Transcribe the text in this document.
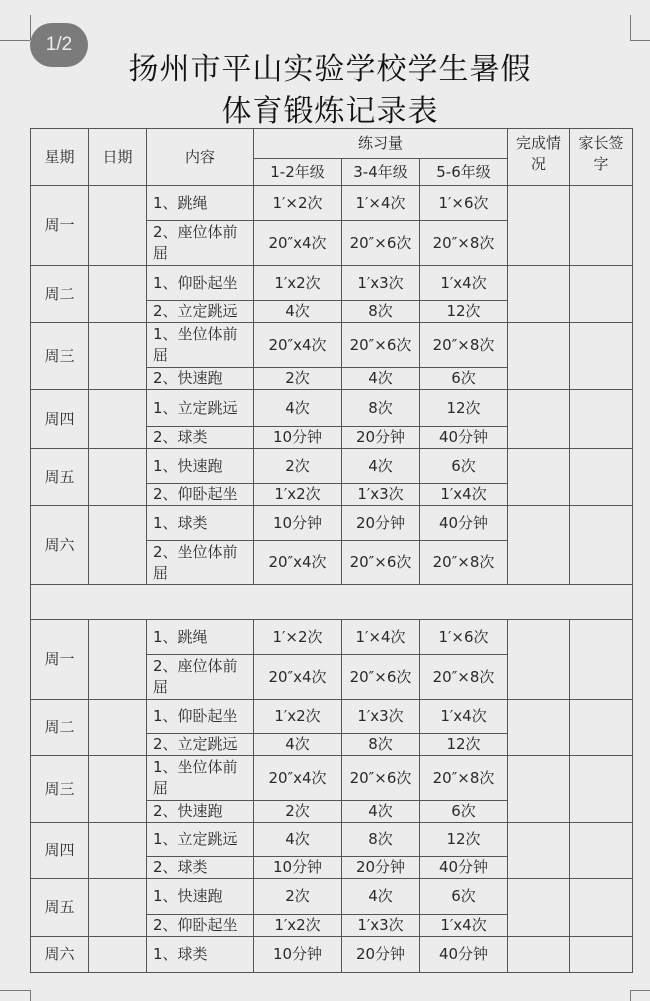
1/2
扬州市平山实验学校学生暑假
体育锻炼记录表
星期	日期	内容	练习量			完成情况	家长签字
			1-2年级	3-4年级	5-6年级		
周一		1、跳绳	1′×2次	1′×4次	1′×6次		
		2、座位体前屈	20″x4次	20″×6次	20″×8次		
周二		1、仰卧起坐	1′x2次	1′x3次	1′x4次		
		2、立定跳远	4次	8次	12次		
周三		1、坐位体前屈	20″x4次	20″×6次	20″×8次		
		2、快速跑	2次	4次	6次		
周四		1、立定跳远	4次	8次	12次		
		2、球类	10分钟	20分钟	40分钟		
周五		1、快速跑	2次	4次	6次		
		2、仰卧起坐	1′x2次	1′x3次	1′x4次		
周六		1、球类	10分钟	20分钟	40分钟		
		2、坐位体前屈	20″x4次	20″×6次	20″×8次		

周一		1、跳绳	1′×2次	1′×4次	1′×6次		
		2、座位体前屈	20″x4次	20″×6次	20″×8次		
周二		1、仰卧起坐	1′x2次	1′x3次	1′x4次		
		2、立定跳远	4次	8次	12次		
周三		1、坐位体前屈	20″x4次	20″×6次	20″×8次		
		2、快速跑	2次	4次	6次		
周四		1、立定跳远	4次	8次	12次		
		2、球类	10分钟	20分钟	40分钟		
周五		1、快速跑	2次	4次	6次		
		2、仰卧起坐	1′x2次	1′x3次	1′x4次		
周六		1、球类	10分钟	20分钟	40分钟		
